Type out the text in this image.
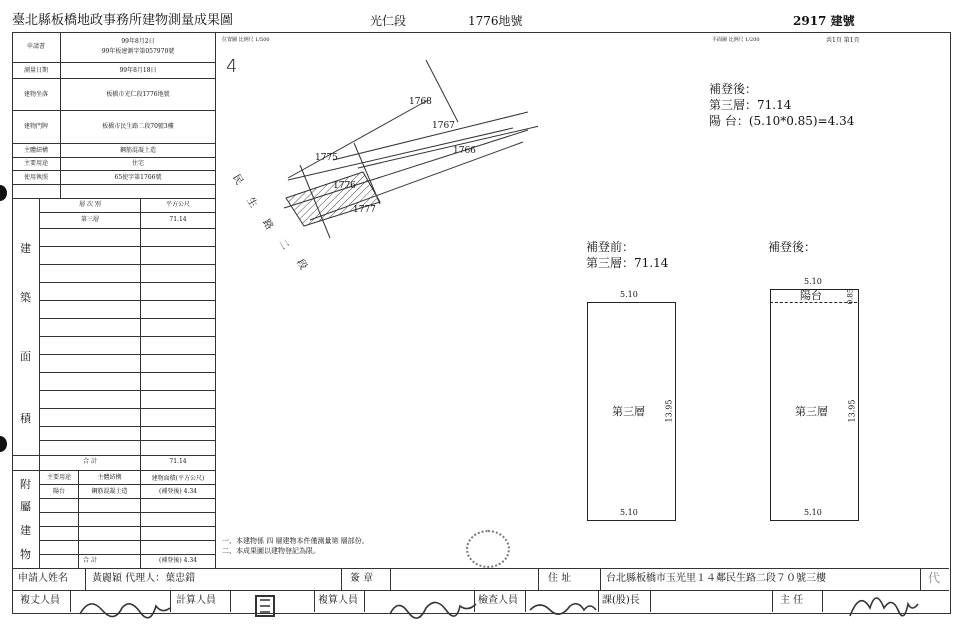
臺北縣板橋地政事務所建物測量成果圖	光仁段	1776地號	2917 建號
申請書
99年8月2日
99年板建測字第057970號
測量日期	99年8月18日
建物坐落	板橋市光仁段1776地號
建物門牌	板橋市民生路二段70號3樓
主體結構	鋼筋混凝土造
主要用途	住宅
使用執照	65使字第1766號
層 次 別	平方公尺
第三層	71.14
建
築
面
積
合 計	71.14
主要用途	主體結構	建物面積(平方公尺)
陽台	鋼筋混凝土造	(補登後) 4.34
附
屬
建
物	合 計	(補登後) 4.34
位置圖 比例尺 1/500
4
1768
1767
1766
1775
1776
1777
民
生
路
二
段
平面圖 比例尺 1/200	共1頁 第1頁
補登後：
第三層：71.14
陽 台：(5.10*0.85)=4.34
補登前：
第三層：71.14
補登後：
5.10
第三層 13.95
5.10
5.10
陽台	0.85
第三層 13.95
5.10
一、本建物係 四 層建物本件僅測量第 層部份。
二、本成果圖以建物登記為限。
申請人姓名 黃麗穎 代理人：葉忠錯	簽 章	住 址	台北縣板橋市玉光里１４鄰民生路二段７０號三樓	代
複丈人員	計算人員	複算人員	檢查人員	課(股)長	主 任
